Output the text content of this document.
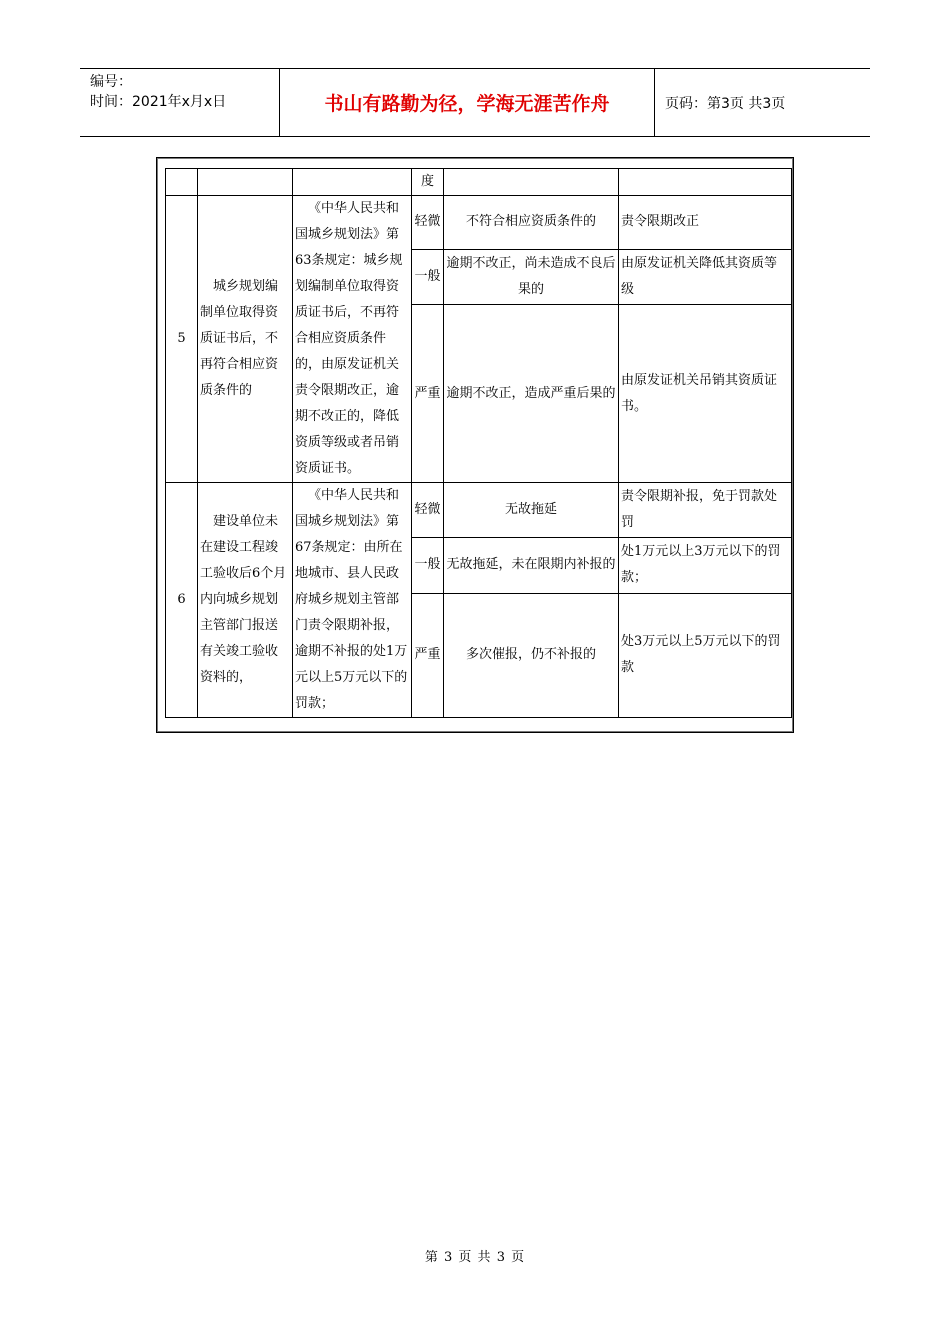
编号：
时间：2021年x月x日	书山有路勤为径，学海无涯苦作舟	页码：第3页 共3页
			度		
5	城乡规划编制单位取得资质证书后，不再符合相应资质条件的	《中华人民共和国城乡规划法》第63条规定：城乡规划编制单位取得资质证书后，不再符合相应资质条件的，由原发证机关责令限期改正，逾期不改正的，降低资质等级或者吊销资质证书。	轻微	不符合相应资质条件的	责令限期改正
			一般	逾期不改正，尚未造成不良后果的	由原发证机关降低其资质等级
			严重	逾期不改正，造成严重后果的	由原发证机关吊销其资质证书。
6	建设单位未在建设工程竣工验收后6个月内向城乡规划主管部门报送有关竣工验收资料的，	《中华人民共和国城乡规划法》第67条规定：由所在地城市、县人民政府城乡规划主管部门责令限期补报，逾期不补报的处1万元以上5万元以下的罚款；	轻微	无故拖延	责令限期补报，免于罚款处罚
			一般	无故拖延，未在限期内补报的	处1万元以上3万元以下的罚款；
			严重	多次催报，仍不补报的	处3万元以上5万元以下的罚款
第 3 页 共 3 页
